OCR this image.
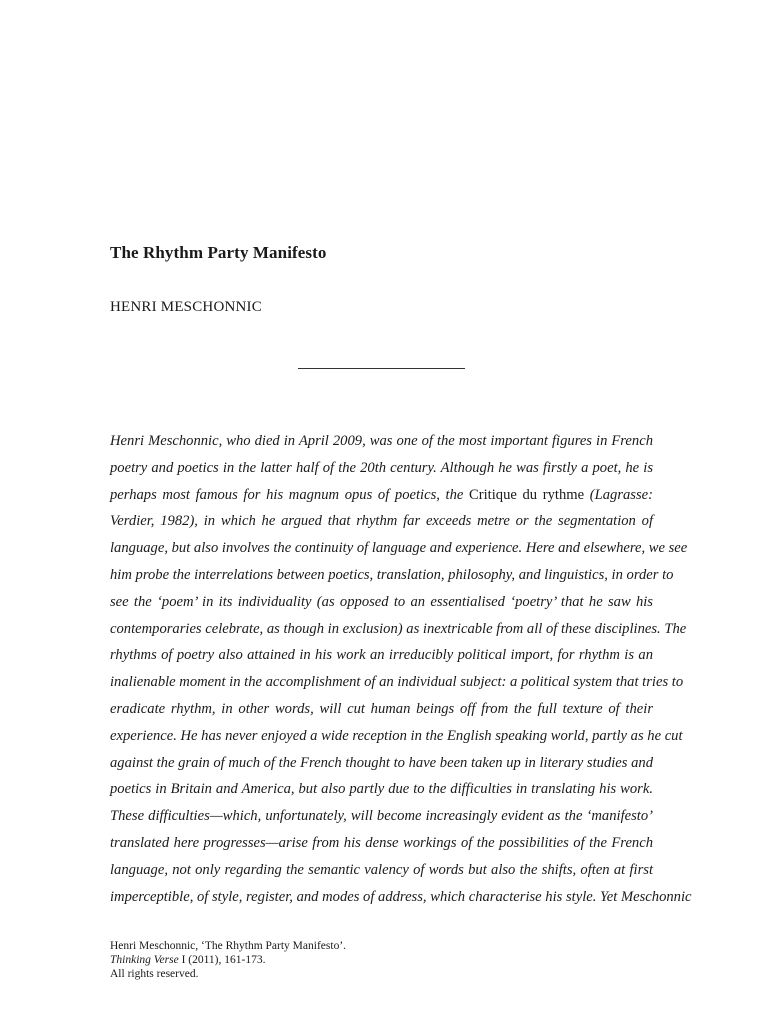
The Rhythm Party Manifesto
HENRI MESCHONNIC
Henri Meschonnic, who died in April 2009, was one of the most important figures in French
poetry and poetics in the latter half of the 20th century. Although he was firstly a poet, he is
perhaps most famous for his magnum opus of poetics, the Critique du rythme (Lagrasse:
Verdier, 1982), in which he argued that rhythm far exceeds metre or the segmentation of
language, but also involves the continuity of language and experience. Here and elsewhere, we see
him probe the interrelations between poetics, translation, philosophy, and linguistics, in order to
see the ‘poem’ in its individuality (as opposed to an essentialised ‘poetry’ that he saw his
contemporaries celebrate, as though in exclusion) as inextricable from all of these disciplines. The
rhythms of poetry also attained in his work an irreducibly political import, for rhythm is an
inalienable moment in the accomplishment of an individual subject: a political system that tries to
eradicate rhythm, in other words, will cut human beings off from the full texture of their
experience. He has never enjoyed a wide reception in the English speaking world, partly as he cut
against the grain of much of the French thought to have been taken up in literary studies and
poetics in Britain and America, but also partly due to the difficulties in translating his work.
These difficulties—which, unfortunately, will become increasingly evident as the ‘manifesto’
translated here progresses—arise from his dense workings of the possibilities of the French
language, not only regarding the semantic valency of words but also the shifts, often at first
imperceptible, of style, register, and modes of address, which characterise his style. Yet Meschonnic
Henri Meschonnic, ‘The Rhythm Party Manifesto’.
Thinking Verse I (2011), 161-173.
All rights reserved.
